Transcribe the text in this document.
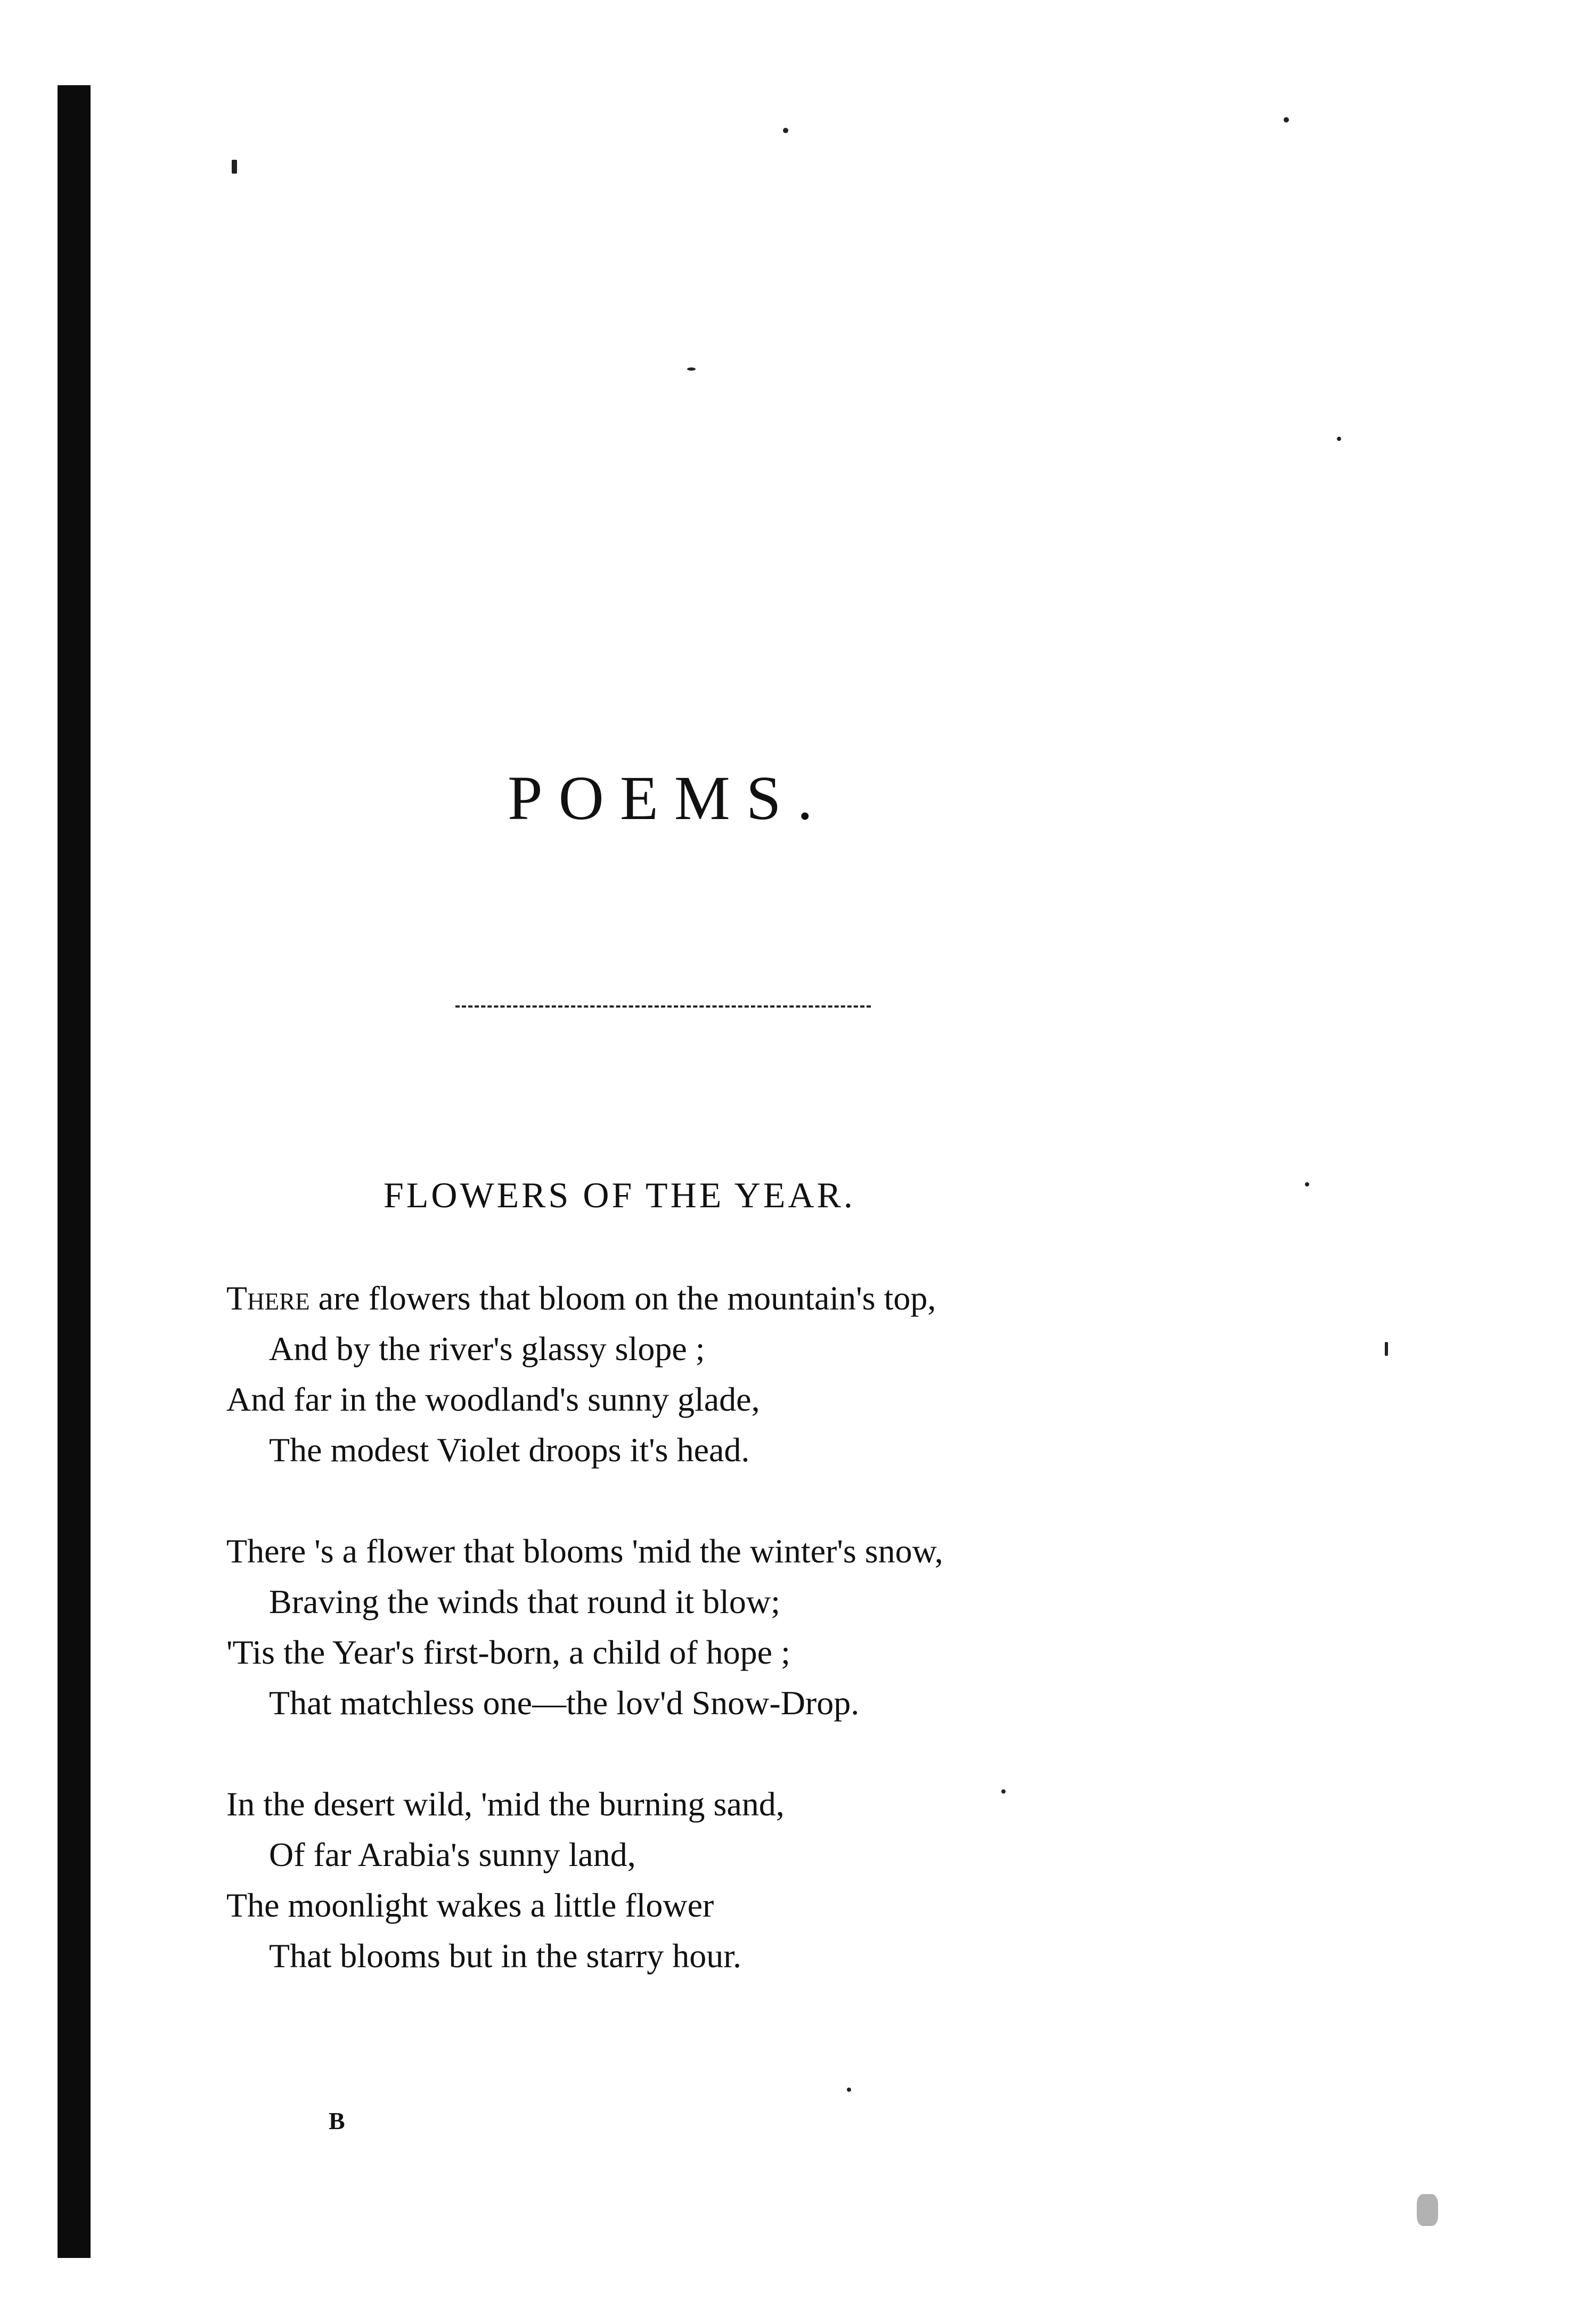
POEMS.
FLOWERS OF THE YEAR.
There are flowers that bloom on the mountain's top,
And by the river's glassy slope ;
And far in the woodland's sunny glade,
The modest Violet droops it's head.
There 's a flower that blooms 'mid the winter's snow,
Braving the winds that round it blow;
'Tis the Year's first-born, a child of hope ;
That matchless one—the lov'd Snow-Drop.
In the desert wild, 'mid the burning sand,
Of far Arabia's sunny land,
The moonlight wakes a little flower
That blooms but in the starry hour.
B
